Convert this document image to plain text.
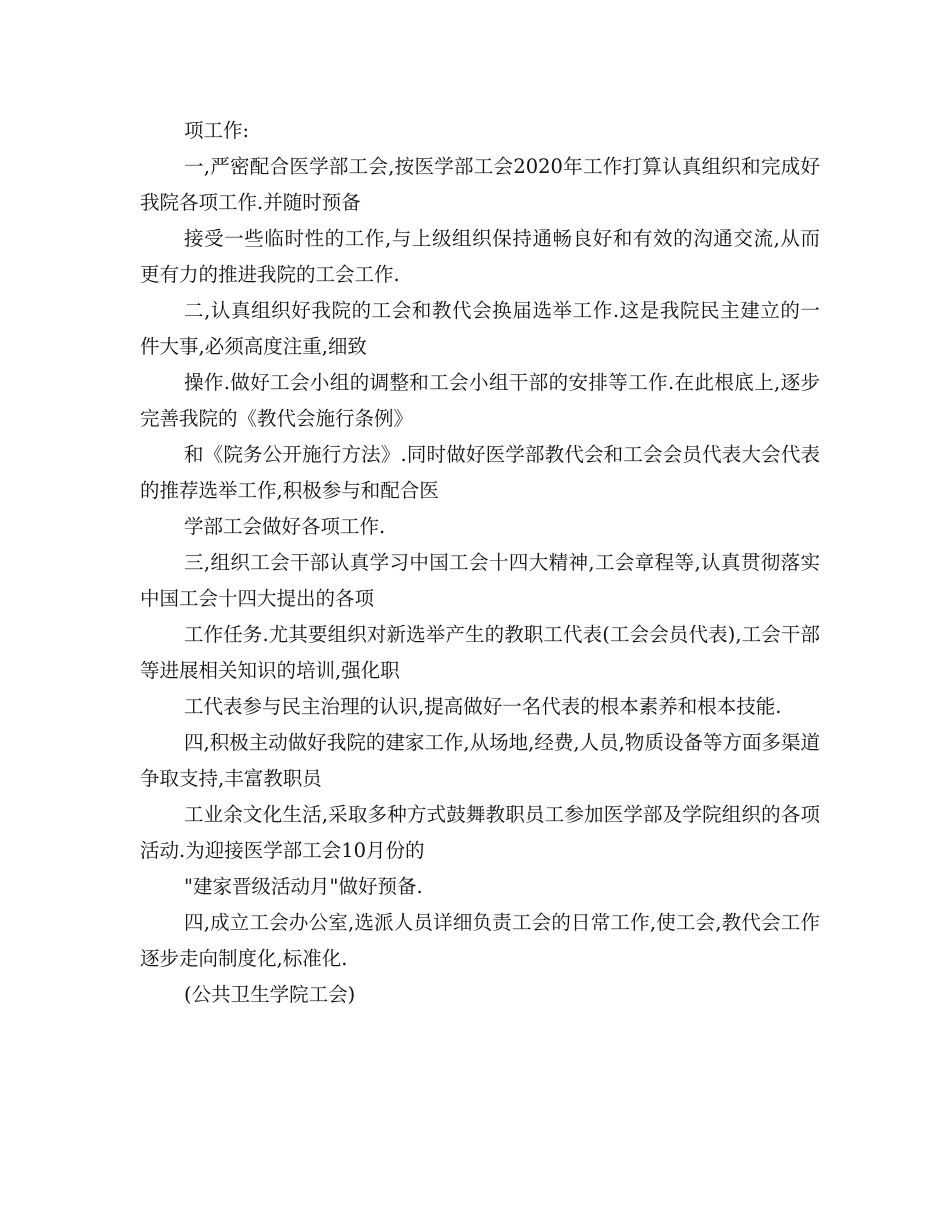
项工作:

一,严密配合医学部工会,按医学部工会2020年工作打算认真组织和完成好我院各项工作.并随时预备

接受一些临时性的工作,与上级组织保持通畅良好和有效的沟通交流,从而更有力的推进我院的工会工作.

二,认真组织好我院的工会和教代会换届选举工作.这是我院民主建立的一件大事,必须高度注重,细致

操作.做好工会小组的调整和工会小组干部的安排等工作.在此根底上,逐步完善我院的《教代会施行条例》

和《院务公开施行方法》.同时做好医学部教代会和工会会员代表大会代表的推荐选举工作,积极参与和配合医

学部工会做好各项工作.

三,组织工会干部认真学习中国工会十四大精神,工会章程等,认真贯彻落实中国工会十四大提出的各项

工作任务.尤其要组织对新选举产生的教职工代表(工会会员代表),工会干部等进展相关知识的培训,强化职

工代表参与民主治理的认识,提高做好一名代表的根本素养和根本技能.

四,积极主动做好我院的建家工作,从场地,经费,人员,物质设备等方面多渠道争取支持,丰富教职员

工业余文化生活,采取多种方式鼓舞教职员工参加医学部及学院组织的各项活动.为迎接医学部工会10月份的

"建家晋级活动月"做好预备.

四,成立工会办公室,选派人员详细负责工会的日常工作,使工会,教代会工作逐步走向制度化,标准化.

(公共卫生学院工会)
